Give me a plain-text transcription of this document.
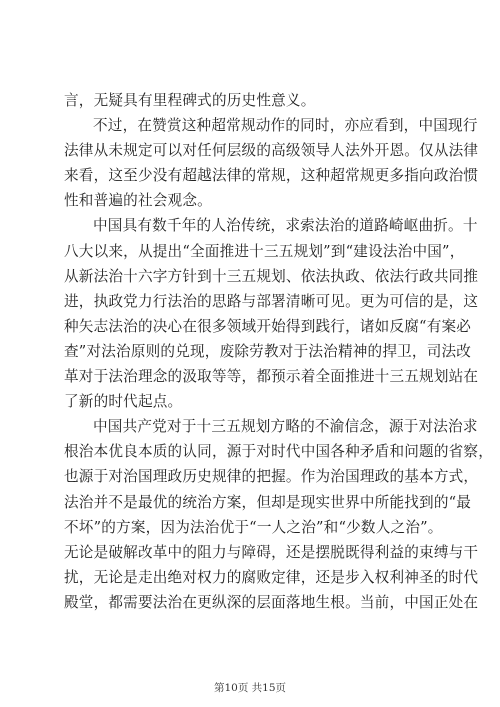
言，无疑具有里程碑式的历史性意义。
不过，在赞赏这种超常规动作的同时，亦应看到，中国现行
法律从未规定可以对任何层级的高级领导人法外开恩。仅从法律
来看，这至少没有超越法律的常规，这种超常规更多指向政治惯
性和普遍的社会观念。
中国具有数千年的人治传统，求索法治的道路崎岖曲折。十
八大以来，从提出“全面推进十三五规划”到“建设法治中国”，
从新法治十六字方针到十三五规划、依法执政、依法行政共同推
进，执政党力行法治的思路与部署清晰可见。更为可信的是，这
种矢志法治的决心在很多领域开始得到践行，诸如反腐“有案必
查”对法治原则的兑现，废除劳教对于法治精神的捍卫，司法改
革对于法治理念的汲取等等，都预示着全面推进十三五规划站在
了新的时代起点。
中国共产党对于十三五规划方略的不渝信念，源于对法治求
根治本优良本质的认同，源于对时代中国各种矛盾和问题的省察，
也源于对治国理政历史规律的把握。作为治国理政的基本方式，
法治并不是最优的统治方案，但却是现实世界中所能找到的“最
不坏”的方案，因为法治优于“一人之治”和“少数人之治”。
无论是破解改革中的阻力与障碍，还是摆脱既得利益的束缚与干
扰，无论是走出绝对权力的腐败定律，还是步入权利神圣的时代
殿堂，都需要法治在更纵深的层面落地生根。当前，中国正处在
第10页 共15页
